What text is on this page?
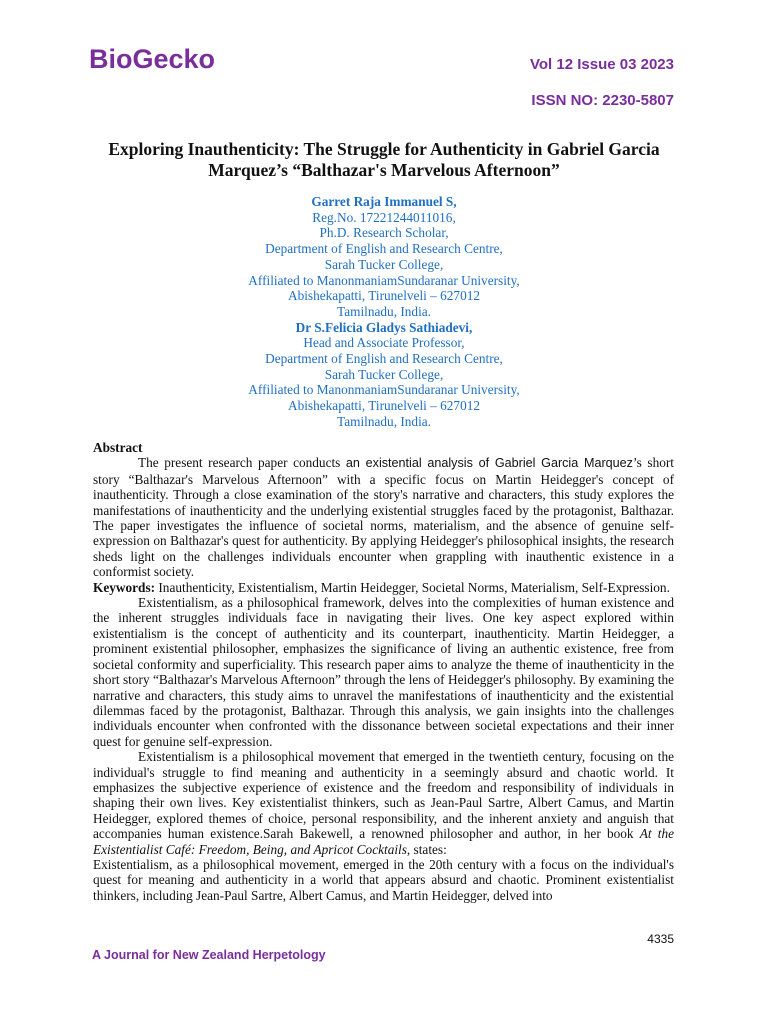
BioGecko	Vol 12 Issue 03 2023
ISSN NO: 2230-5807
Exploring Inauthenticity: The Struggle for Authenticity in Gabriel Garcia
Marquez’s “Balthazar's Marvelous Afternoon”
Garret Raja Immanuel S,
Reg.No. 17221244011016,
Ph.D. Research Scholar,
Department of English and Research Centre,
Sarah Tucker College,
Affiliated to ManonmaniamSundaranar University,
Abishekapatti, Tirunelveli – 627012
Tamilnadu, India.
Dr S.Felicia Gladys Sathiadevi,
Head and Associate Professor,
Department of English and Research Centre,
Sarah Tucker College,
Affiliated to ManonmaniamSundaranar University,
Abishekapatti, Tirunelveli – 627012
Tamilnadu, India.

Abstract

The present research paper conducts an existential analysis of Gabriel Garcia Marquez’s short story “Balthazar's Marvelous Afternoon” with a specific focus on Martin Heidegger's concept of inauthenticity. Through a close examination of the story's narrative and characters, this study explores the manifestations of inauthenticity and the underlying existential struggles faced by the protagonist, Balthazar. The paper investigates the influence of societal norms, materialism, and the absence of genuine self-expression on Balthazar's quest for authenticity. By applying Heidegger's philosophical insights, the research sheds light on the challenges individuals encounter when grappling with inauthentic existence in a conformist society.

Keywords: Inauthenticity, Existentialism, Martin Heidegger, Societal Norms, Materialism, Self-Expression.

Existentialism, as a philosophical framework, delves into the complexities of human existence and the inherent struggles individuals face in navigating their lives. One key aspect explored within existentialism is the concept of authenticity and its counterpart, inauthenticity. Martin Heidegger, a prominent existential philosopher, emphasizes the significance of living an authentic existence, free from societal conformity and superficiality. This research paper aims to analyze the theme of inauthenticity in the short story “Balthazar's Marvelous Afternoon” through the lens of Heidegger's philosophy. By examining the narrative and characters, this study aims to unravel the manifestations of inauthenticity and the existential dilemmas faced by the protagonist, Balthazar. Through this analysis, we gain insights into the challenges individuals encounter when confronted with the dissonance between societal expectations and their inner quest for genuine self-expression.

Existentialism is a philosophical movement that emerged in the twentieth century, focusing on the individual's struggle to find meaning and authenticity in a seemingly absurd and chaotic world. It emphasizes the subjective experience of existence and the freedom and responsibility of individuals in shaping their own lives. Key existentialist thinkers, such as Jean-Paul Sartre, Albert Camus, and Martin Heidegger, explored themes of choice, personal responsibility, and the inherent anxiety and anguish that accompanies human existence.Sarah Bakewell, a renowned philosopher and author, in her book At the Existentialist Café: Freedom, Being, and Apricot Cocktails, states:

Existentialism, as a philosophical movement, emerged in the 20th century with a focus on the individual's quest for meaning and authenticity in a world that appears absurd and chaotic. Prominent existentialist thinkers, including Jean-Paul Sartre, Albert Camus, and Martin Heidegger, delved into

4335
A Journal for New Zealand Herpetology
